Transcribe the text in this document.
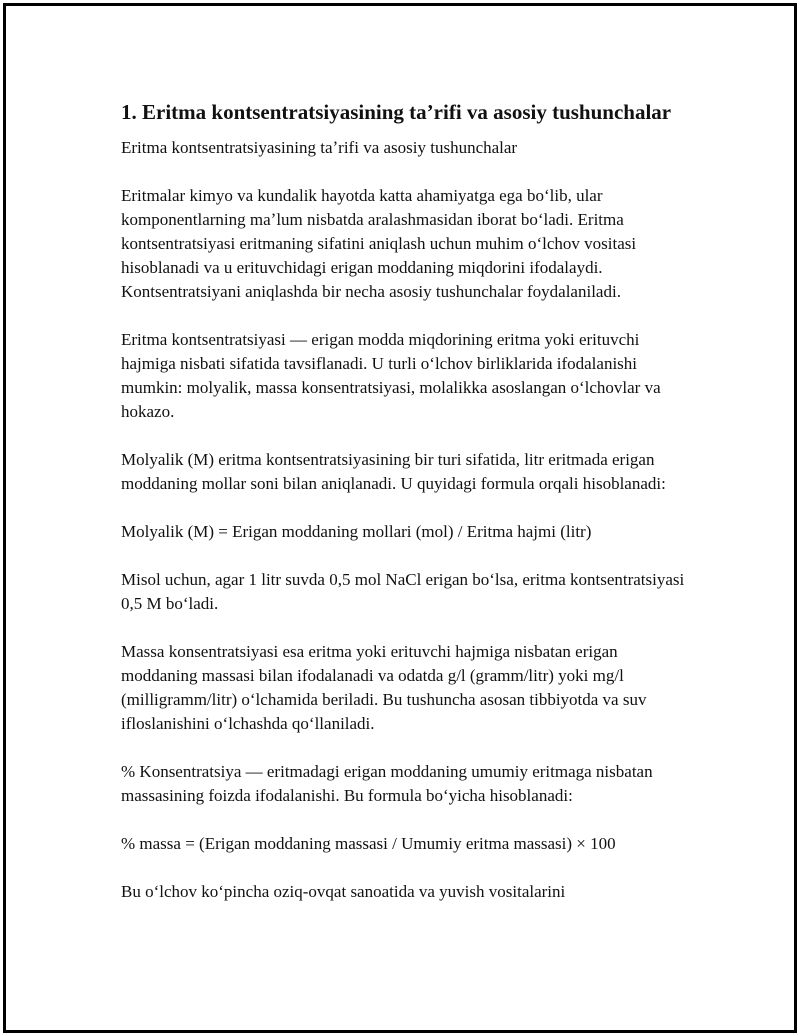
1. Eritma kontsentratsiyasining taʼrifi va asosiy tushunchalar

Eritma kontsentratsiyasining taʼrifi va asosiy tushunchalar

Eritmalar kimyo va kundalik hayotda katta ahamiyatga ega boʻlib, ular komponentlarning maʼlum nisbatda aralashmasidan iborat boʻladi. Eritma kontsentratsiyasi eritmaning sifatini aniqlash uchun muhim oʻlchov vositasi hisoblanadi va u erituvchidagi erigan moddaning miqdorini ifodalaydi. Kontsentratsiyani aniqlashda bir necha asosiy tushunchalar foydalaniladi.

Eritma kontsentratsiyasi — erigan modda miqdorining eritma yoki erituvchi hajmiga nisbati sifatida tavsiflanadi. U turli oʻlchov birliklarida ifodalanishi mumkin: molyalik, massa konsentratsiyasi, molalikka asoslangan oʻlchovlar va hokazo.

Molyalik (M) eritma kontsentratsiyasining bir turi sifatida, litr eritmada erigan moddaning mollar soni bilan aniqlanadi. U quyidagi formula orqali hisoblanadi:

Molyalik (M) = Erigan moddaning mollari (mol) / Eritma hajmi (litr)

Misol uchun, agar 1 litr suvda 0,5 mol NaCl erigan boʻlsa, eritma kontsentratsiyasi 0,5 M boʻladi.

Massa konsentratsiyasi esa eritma yoki erituvchi hajmiga nisbatan erigan moddaning massasi bilan ifodalanadi va odatda g/l (gramm/litr) yoki mg/l (milligramm/litr) oʻlchamida beriladi. Bu tushuncha asosan tibbiyotda va suv ifloslanishini oʻlchashda qoʻllaniladi.

% Konsentratsiya — eritmadagi erigan moddaning umumiy eritmaga nisbatan massasining foizda ifodalanishi. Bu formula boʻyicha hisoblanadi:

% massa = (Erigan moddaning massasi / Umumiy eritma massasi) × 100

Bu oʻlchov koʻpincha oziq-ovqat sanoatida va yuvish vositalarini
